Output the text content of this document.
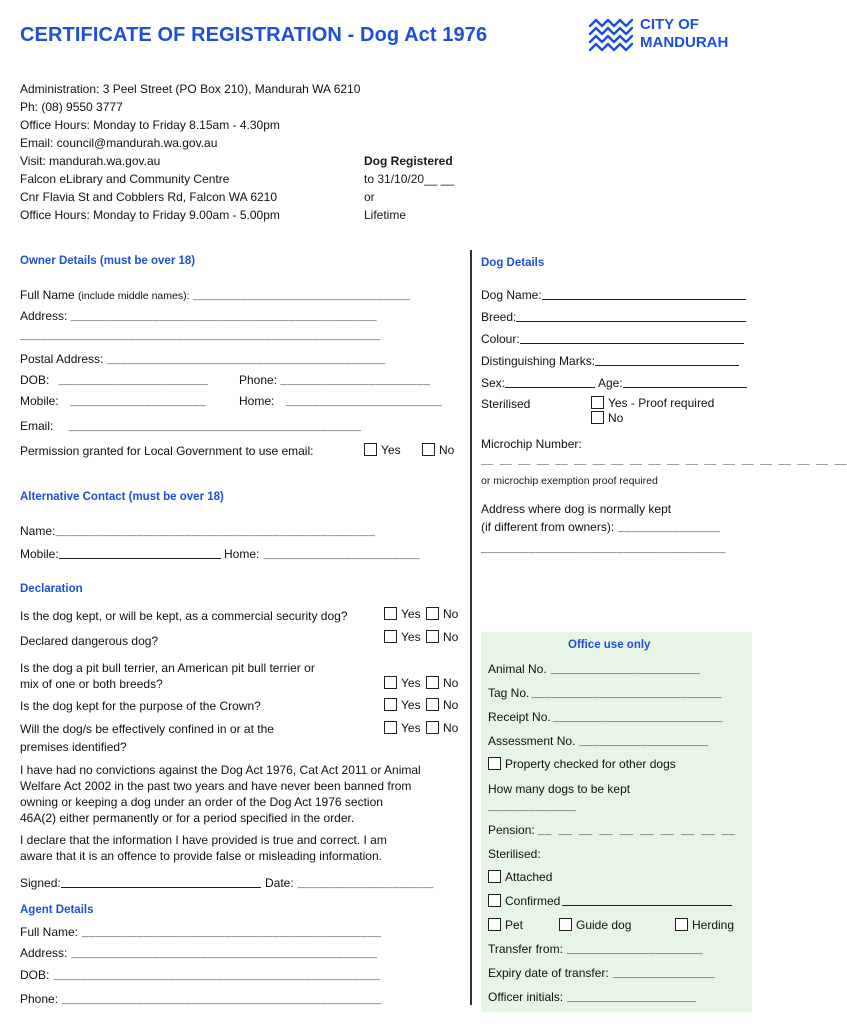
CERTIFICATE OF REGISTRATION - Dog Act 1976	CITY OF
MANDURAH
Administration: 3 Peel Street (PO Box 210), Mandurah WA 6210
Ph: (08) 9550 3777
Office Hours: Monday to Friday 8.15am - 4.30pm
Email: council@mandurah.wa.gov.au
Visit: mandurah.wa.gov.au
Falcon eLibrary and Community Centre
Cnr Flavia St and Cobblers Rd, Falcon WA 6210
Office Hours: Monday to Friday 9.00am - 5.00pm
Dog Registered
to 31/10/20__ __
or
Lifetime
Owner Details (must be over 18)
Full Name (include middle names): ________________________________
Address: _____________________________________________
_____________________________________________________
Postal Address: _________________________________________
DOB: ______________________	Phone: ______________________
Mobile: ____________________	Home: _______________________
Email: ___________________________________________
Permission granted for Local Government to use email:	Yes	No
Alternative Contact (must be over 18)
Name:_______________________________________________
Mobile:	Home: _______________________
Declaration
Is the dog kept, or will be kept, as a commercial security dog?	Yes	No
Declared dangerous dog?	Yes	No
Is the dog a pit bull terrier, an American pit bull terrier or
mix of one or both breeds?	Yes	No
Is the dog kept for the purpose of the Crown?	Yes	No
Will the dog/s be effectively confined in or at the
premises identified?
Yes	No
I have had no convictions against the Dog Act 1976, Cat Act 2011 or Animal
Welfare Act 2002 in the past two years and have never been banned from
owning or keeping a dog under an order of the Dog Act 1976 section
46A(2) either permanently or for a period specified in the order.
I declare that the information I have provided is true and correct. I am
aware that it is an offence to provide false or misleading information.
Signed:	Date: ____________________
Agent Details
Full Name: ____________________________________________
Address: _____________________________________________
DOB: ________________________________________________
Phone: _______________________________________________
Dog Details
Dog Name:
Breed:
Colour:
Distinguishing Marks:
Sex:	Age:
Sterilised	Yes - Proof required
No
Microchip Number:
__ __ __ __ __ __ __ __ __ __ __ __ __ __ __ __ __ __ __ __
or microchip exemption proof required
Address where dog is normally kept
(if different from owners): _______________
____________________________________
Office use only
Animal No. ______________________
Tag No. ____________________________
Receipt No. _________________________
Assessment No. ___________________
Property checked for other dogs
How many dogs to be kept
_____________
Pension: __ __ __ __ __ __ __ __ __ __
Sterilised:
Attached
Confirmed
Pet	Guide dog	Herding
Transfer from: ____________________
Expiry date of transfer: _______________
Officer initials: ___________________
